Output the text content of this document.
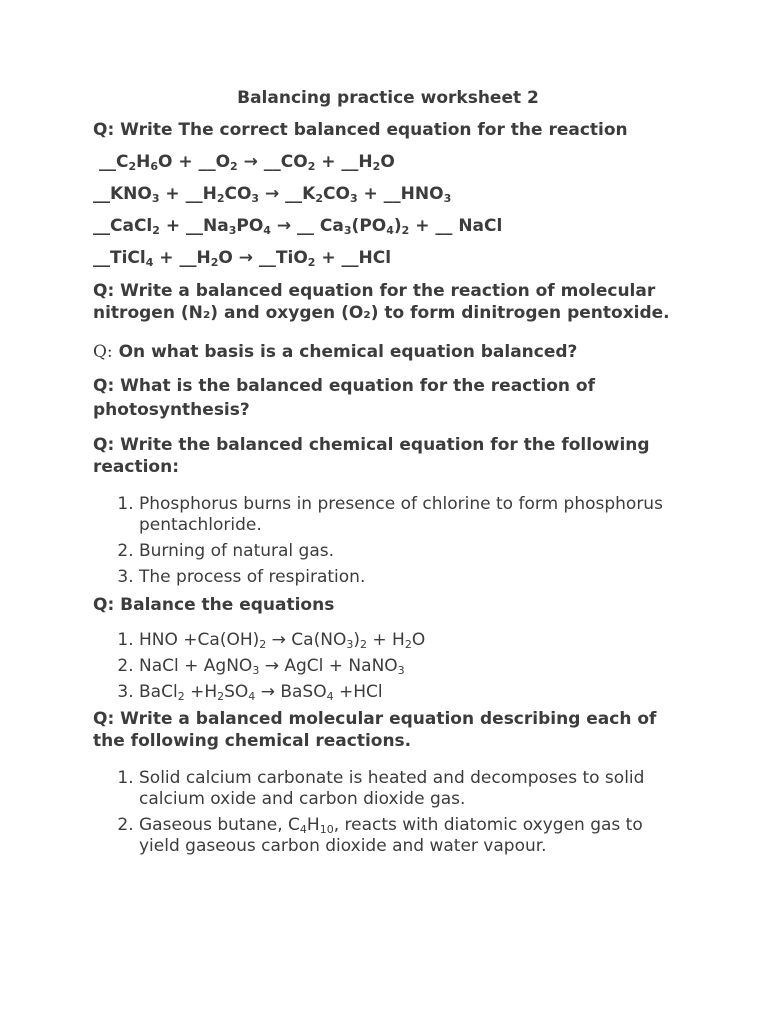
Balancing practice worksheet 2
Q: Write The correct balanced equation for the reaction
$\_\_C_2H_6O$ + $\_\_O_2$ → $\_\_CO_2$ + $\_\_H_2O$
$\_\_KNO_3$ + $\_\_H_2CO_3$ → $\_\_K_2CO_3$ + $\_\_HNO_3$
__CaCl$_2$ + $\_\_Na_3PO_4$ → __ $Ca_3(PO_4)_2$ + __ NaCl
__TiCl$_4$ + $\_\_H_2O$ → __TiO$_2$ + __HCl
Q: Write a balanced equation for the reaction of molecular nitrogen (N₂) and oxygen (O₂) to form dinitrogen pentoxide.
Q: On what basis is a chemical equation balanced?
Q: What is the balanced equation for the reaction of photosynthesis?
Q: Write the balanced chemical equation for the following reaction:
1. Phosphorus burns in presence of chlorine to form phosphorus pentachloride.
2. Burning of natural gas.
3. The process of respiration.
Q: Balance the equations
1. HNO $+Ca(OH)_2 \to Ca(NO_3)_2 + H_2O$
2. NaCl + AgNO$_3$ → AgCl + NaNO$_3$
3. BaCl$_2$ $+H_2SO_4$ → BaSO$_4$ +HCl
Q: Write a balanced molecular equation describing each of the following chemical reactions.
1. Solid calcium carbonate is heated and decomposes to solid calcium oxide and carbon dioxide gas.
2. Gaseous butane, $C_4H_{10}$, reacts with diatomic oxygen gas to yield gaseous carbon dioxide and water vapour.
